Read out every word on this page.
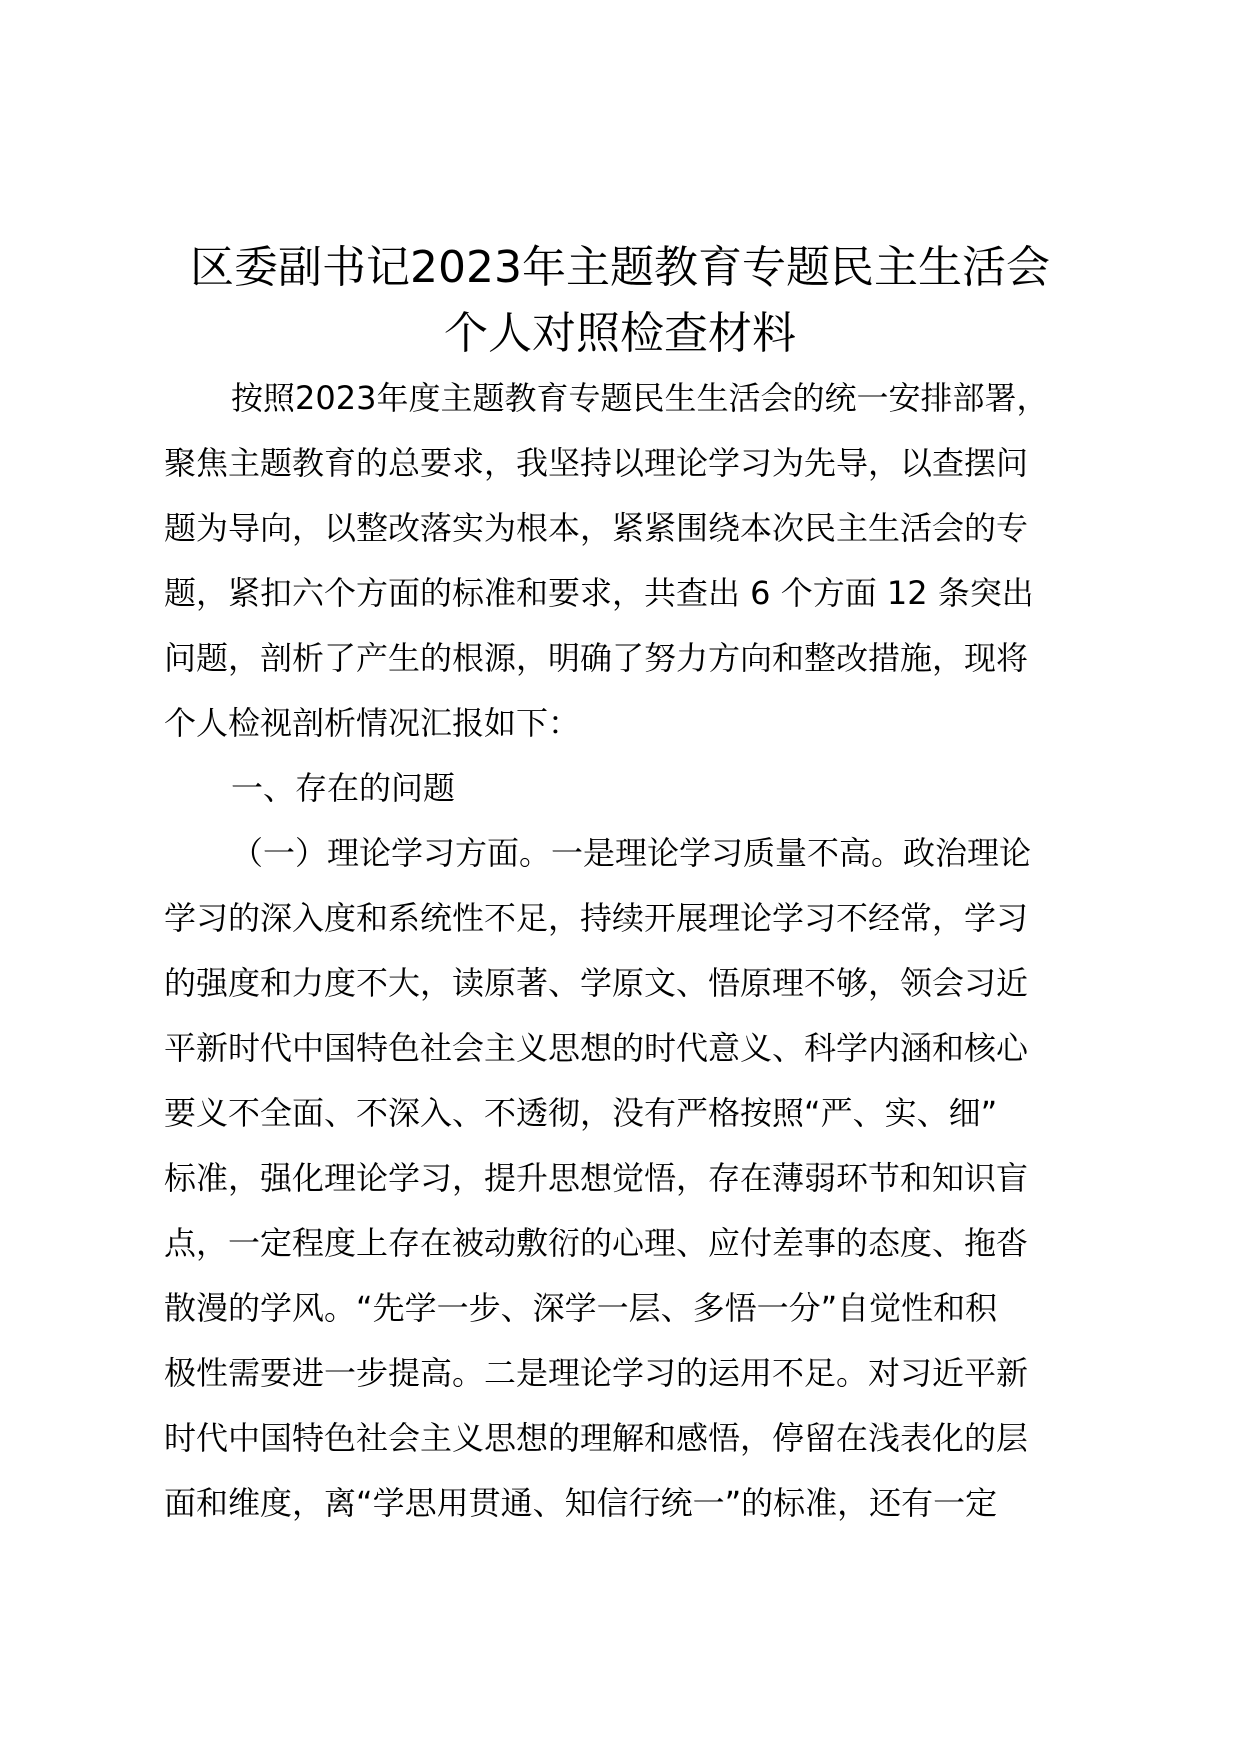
区委副书记2023年主题教育专题民主生活会
个人对照检查材料

按照2023年度主题教育专题民生生活会的统一安排部署，

聚焦主题教育的总要求，我坚持以理论学习为先导，以查摆问

题为导向，以整改落实为根本，紧紧围绕本次民主生活会的专

题，紧扣六个方面的标准和要求，共查出 6 个方面 12 条突出

问题，剖析了产生的根源，明确了努力方向和整改措施，现将

个人检视剖析情况汇报如下：

一、存在的问题

（一）理论学习方面。一是理论学习质量不高。政治理论

学习的深入度和系统性不足，持续开展理论学习不经常，学习

的强度和力度不大，读原著、学原文、悟原理不够，领会习近

平新时代中国特色社会主义思想的时代意义、科学内涵和核心

要义不全面、不深入、不透彻，没有严格按照“严、实、细”

标准，强化理论学习，提升思想觉悟，存在薄弱环节和知识盲

点，一定程度上存在被动敷衍的心理、应付差事的态度、拖沓

散漫的学风。“先学一步、深学一层、多悟一分”自觉性和积

极性需要进一步提高。二是理论学习的运用不足。对习近平新

时代中国特色社会主义思想的理解和感悟，停留在浅表化的层

面和维度，离“学思用贯通、知信行统一”的标准，还有一定
